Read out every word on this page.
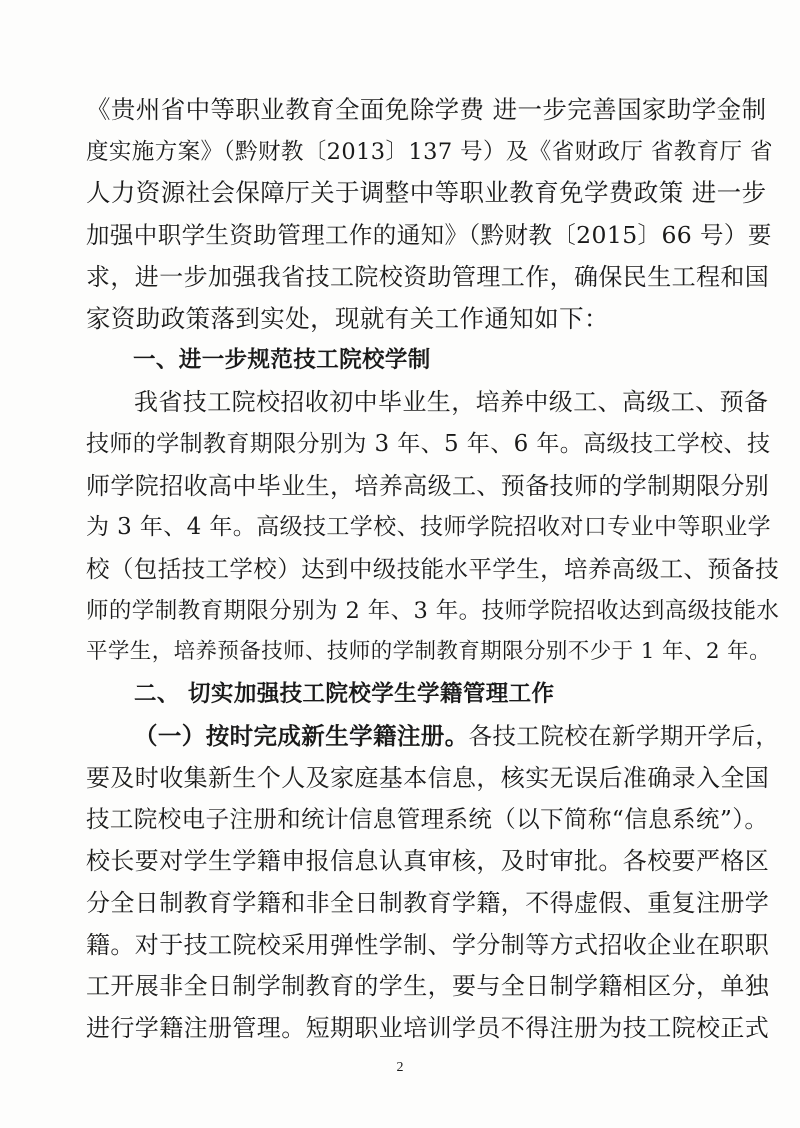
《贵州省中等职业教育全面免除学费 进一步完善国家助学金制
度实施方案》（黔财教〔2013〕137 号）及《省财政厅 省教育厅 省
人力资源社会保障厅关于调整中等职业教育免学费政策 进一步
加强中职学生资助管理工作的通知》（黔财教〔2015〕66 号）要
求，进一步加强我省技工院校资助管理工作，确保民生工程和国
家资助政策落到实处，现就有关工作通知如下：
一、进一步规范技工院校学制
我省技工院校招收初中毕业生，培养中级工、高级工、预备
技师的学制教育期限分别为 3 年、5 年、6 年。高级技工学校、技
师学院招收高中毕业生，培养高级工、预备技师的学制期限分别
为 3 年、4 年。高级技工学校、技师学院招收对口专业中等职业学
校（包括技工学校）达到中级技能水平学生，培养高级工、预备技
师的学制教育期限分别为 2 年、3 年。技师学院招收达到高级技能水
平学生，培养预备技师、技师的学制教育期限分别不少于 1 年、2 年。
二、 切实加强技工院校学生学籍管理工作
（一）按时完成新生学籍注册。各技工院校在新学期开学后，
要及时收集新生个人及家庭基本信息，核实无误后准确录入全国
技工院校电子注册和统计信息管理系统（以下简称“信息系统”）。
校长要对学生学籍申报信息认真审核，及时审批。各校要严格区
分全日制教育学籍和非全日制教育学籍，不得虚假、重复注册学
籍。对于技工院校采用弹性学制、学分制等方式招收企业在职职
工开展非全日制学制教育的学生，要与全日制学籍相区分，单独
进行学籍注册管理。短期职业培训学员不得注册为技工院校正式
2
